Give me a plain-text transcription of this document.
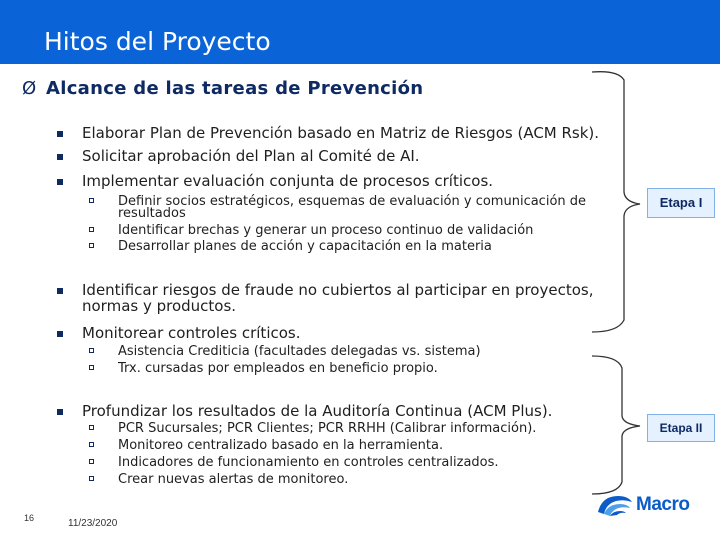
Hitos del Proyecto
Ø Alcance de las tareas de Prevención
Elaborar Plan de Prevención basado en Matriz de Riesgos (ACM Rsk).
Solicitar aprobación del Plan al Comité de AI.
Implementar evaluación conjunta de procesos críticos.
Definir socios estratégicos, esquemas de evaluación y comunicación de
resultados
Identificar brechas y generar un proceso continuo de validación
Desarrollar planes de acción y capacitación en la materia
Identificar riesgos de fraude no cubiertos al participar en proyectos,
normas y productos.
Monitorear controles críticos.
Asistencia Crediticia (facultades delegadas vs. sistema)
Trx. cursadas por empleados en beneficio propio.
Profundizar los resultados de la Auditoría Continua (ACM Plus).
PCR Sucursales; PCR Clientes; PCR RRHH (Calibrar información).
Monitoreo centralizado basado en la herramienta.
Indicadores de funcionamiento en controles centralizados.
Crear nuevas alertas de monitoreo.
Etapa I
Etapa II
16	11/23/2020
Macro
